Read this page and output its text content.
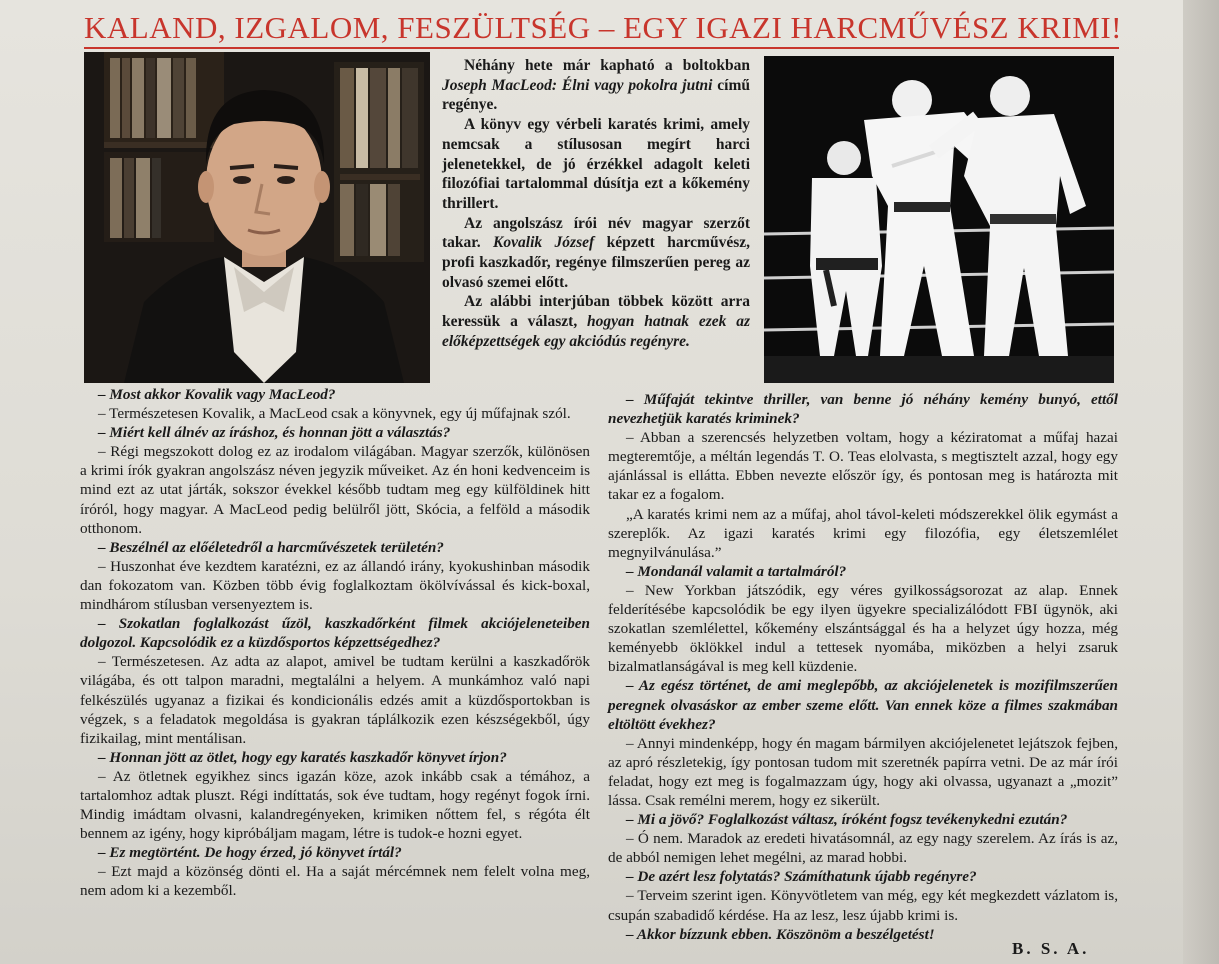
KALAND, IZGALOM, FESZÜLTSÉG – EGY IGAZI HARCMŰVÉSZ KRIMI!

Néhány hete már kapható a boltokban Joseph MacLeod: Élni vagy pokolra jutni című regénye.

A könyv egy vérbeli karatés krimi, amely nemcsak a stílusosan megírt harci jelenetekkel, de jó érzékkel adagolt keleti filozófiai tartalommal dúsítja ezt a kőkemény thrillert.

Az angolszász írói név magyar szerzőt takar. Kovalik József képzett harcművész, profi kaszkadőr, regénye filmszerűen pereg az olvasó szemei előtt.

Az alábbi interjúban többek között arra keressük a választ, hogyan hatnak ezek az előképzettségek egy akciódús regényre.

– Most akkor Kovalik vagy MacLeod?

– Természetesen Kovalik, a MacLeod csak a könyvnek, egy új műfajnak szól.

– Miért kell álnév az íráshoz, és honnan jött a választás?

– Régi megszokott dolog ez az irodalom világában. Magyar szerzők, különösen a krimi írók gyakran angolszász néven jegyzik műveiket. Az én honi kedvenceim is mind ezt az utat járták, sokszor évekkel később tudtam meg egy külföldinek hitt íróról, hogy magyar. A MacLeod pedig belülről jött, Skócia, a felföld a második otthonom.

– Beszélnél az előéletedről a harcművészetek területén?

– Huszonhat éve kezdtem karatézni, ez az állandó irány, kyokushinban második dan fokozatom van. Közben több évig foglalkoztam ökölvívással és kick-boxal, mindhárom stílusban versenyeztem is.

– Szokatlan foglalkozást űzöl, kaszkadőrként filmek akciójeleneteiben dolgozol. Kapcsolódik ez a küzdősportos képzettségedhez?

– Természetesen. Az adta az alapot, amivel be tudtam kerülni a kaszkadőrök világába, és ott talpon maradni, megtalálni a helyem. A munkámhoz való napi felkészülés ugyanaz a fizikai és kondicionális edzés amit a küzdősportokban is végzek, s a feladatok megoldása is gyakran táplálkozik ezen készségekből, úgy fizikailag, mint mentálisan.

– Honnan jött az ötlet, hogy egy karatés kaszkadőr könyvet írjon?

– Az ötletnek egyikhez sincs igazán köze, azok inkább csak a témához, a tartalomhoz adtak pluszt. Régi indíttatás, sok éve tudtam, hogy regényt fogok írni. Mindig imádtam olvasni, kalandregényeken, krimiken nőttem fel, s régóta élt bennem az igény, hogy kipróbáljam magam, létre is tudok-e hozni egyet.

– Ez megtörtént. De hogy érzed, jó könyvet írtál?

– Ezt majd a közönség dönti el. Ha a saját mércémnek nem felelt volna meg, nem adom ki a kezemből.

– Műfaját tekintve thriller, van benne jó néhány kemény bunyó, ettől nevezhetjük karatés kriminek?

– Abban a szerencsés helyzetben voltam, hogy a kéziratomat a műfaj hazai megteremtője, a méltán legendás T. O. Teas elolvasta, s megtisztelt azzal, hogy egy ajánlással is ellátta. Ebben nevezte először így, és pontosan meg is határozta mit takar ez a fogalom.

„A karatés krimi nem az a műfaj, ahol távol-keleti módszerekkel ölik egymást a szereplők. Az igazi karatés krimi egy filozófia, egy életszemlélet megnyilvánulása.”

– Mondanál valamit a tartalmáról?

– New Yorkban játszódik, egy véres gyilkosságsorozat az alap. Ennek felderítésébe kapcsolódik be egy ilyen ügyekre specializálódott FBI ügynök, aki szokatlan szemlélettel, kőkemény elszántsággal és ha a helyzet úgy hozza, még keményebb öklökkel indul a tettesek nyomába, miközben a helyi zsaruk bizalmatlanságával is meg kell küzdenie.

– Az egész történet, de ami meglepőbb, az akciójelenetek is mozifilmszerűen peregnek olvasáskor az ember szeme előtt. Van ennek köze a filmes szakmában eltöltött évekhez?

– Annyi mindenképp, hogy én magam bármilyen akciójelenetet lejátszok fejben, az apró részletekig, így pontosan tudom mit szeretnék papírra vetni. De az már írói feladat, hogy ezt meg is fogalmazzam úgy, hogy aki olvassa, ugyanazt a „mozit” lássa. Csak remélni merem, hogy ez sikerült.

– Mi a jövő? Foglalkozást váltasz, íróként fogsz tevékenykedni ezután?

– Ó nem. Maradok az eredeti hivatásomnál, az egy nagy szerelem. Az írás is az, de abból nemigen lehet megélni, az marad hobbi.

– De azért lesz folytatás? Számíthatunk újabb regényre?

– Terveim szerint igen. Könyvötletem van még, egy két megkezdett vázlatom is, csupán szabadidő kérdése. Ha az lesz, lesz újabb krimi is.

– Akkor bízzunk ebben. Köszönöm a beszélgetést!

B. S. A.
